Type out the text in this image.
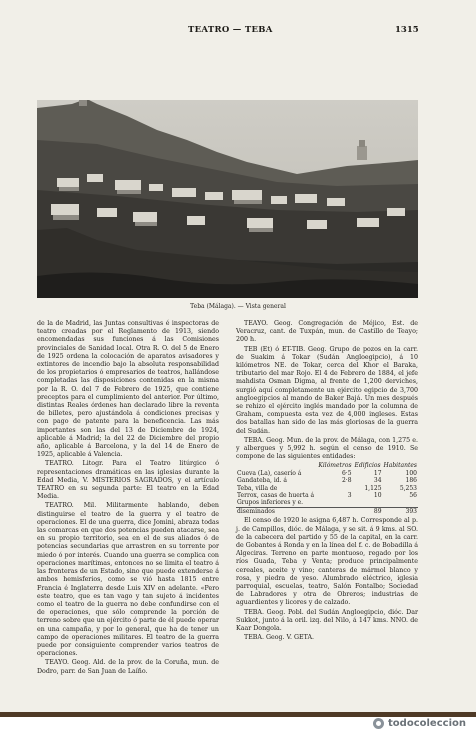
TEATRO — TEBA	1315
Teba (Málaga). — Vista general

de la de Madrid, las Juntas consultivas é inspectoras de teatro creadas por el Reglamento de 1913, siendo encomendadas sus funciones á las Comisiones provinciales de Sanidad local. Otra R. O. del 5 de Enero de 1925 ordena la colocación de aparatos avisadores y extintores de incendio bajo la absoluta responsabilidad de los propietarios ó empresarios de teatros, hallándose completadas las disposiciones contenidas en la misma por la R. O. del 7 de Febrero de 1925, que contiene preceptos para el cumplimiento del anterior. Por último, distintas Reales órdenes han declarado libre la reventa de billetes, pero ajustándola á condiciones precisas y con pago de patente para la beneficencia. Las más importantes son las del 13 de Diciembre de 1924, aplicable á Madrid; la del 22 de Diciembre del propio año, aplicable á Barcelona, y la del 14 de Enero de 1925, aplicable á Valencia.

TEATRO. Litogr. Para el Teatro litúrgico ó representaciones dramáticas en las iglesias durante la Edad Media, V. MISTERIOS SAGRADOS, y el artículo TEATRO en su segunda parte: El teatro en la Edad Media.

TEATRO. Mil. Militarmente hablando, deben distinguirse el teatro de la guerra y el teatro de operaciones. El de una guerra, dice Jomini, abraza todas las comarcas en que dos potencias pueden atacarse, sea en su propio territorio, sea en el de sus aliados ó de potencias secundarias que arrastren en su torrente por miedo ó por interés. Cuando una guerra se complica con operaciones marítimas, entonces no se limita el teatro á las fronteras de un Estado, sino que puede extenderse á ambos hemisferios, como se vió hasta 1815 entre Francia é Inglaterra desde Luis XIV en adelante. «Pero este teatro, que es tan vago y tan sujeto á incidentes como el teatro de la guerra no debe confundirse con el de operaciones, que sólo comprende la porción de terreno sobre que un ejército ó parte de él puede operar en una campaña, y por lo general, que ha de tener un campo de operaciones militares. El teatro de la guerra puede por consiguiente comprender varios teatros de operaciones.

TEAYO. Geog. Ald. de la prov. de la Coruña, mun. de Dodro, parr. de San Juan de Laíño.

TEAYO. Geog. Congregación de Méjico, Est. de Veracruz, cant. de Tuxpán, mun. de Castillo de Teayo; 200 h.

TEB (Et) ó ET-TIB. Geog. Grupo de pozos en la carr. de Suakim á Tokar (Sudán Angloegipcio), á 10 kilómetros NE. de Tokar, cerca del Khor el Baraka, tributario del mar Rojo. El 4 de Febrero de 1884, el jefe mahdista Osman Digma, al frente de 1,200 derviches, surgió aquí completamente un ejército egipcio de 3,700 angloegipcios al mando de Baker Bajá. Un mes después se rehizo el ejército inglés mandado por la columna de Graham, compuesta esta vez de 4,000 ingleses. Estas dos batallas han sido de las más gloriosas de la guerra del Sudán.

TEBA. Geog. Mun. de la prov. de Málaga, con 1,275 e. y albergues y 5,992 h. según el censo de 1910. Se compone de las siguientes entidades:

	Kilómetros	Edificios	Habitantes
Cueva (La), caserío á	6·5	17	100
Gandateba, id. á	2·8	34	186
Teba, villa de		1,125	5,253
Terrox, casas de huerta á	3	10	56
Grupos inferiores y e.			
diseminados		89	393

El censo de 1920 le asigna 6,487 h. Corresponde al p. j. de Campillos, dióc. de Málaga, y se sit. á 9 kms. al SO. de la cabecera del partido y 55 de la capital, en la carr. de Gobantes á Ronda y en la línea del f. c. de Bobadilla á Algeciras. Terreno en parte montuoso, regado por los ríos Guada, Teba y Venta; produce principalmente cereales, aceite y vino; canteras de mármol blanco y rosa, y piedra de yeso. Alumbrado eléctrico, iglesia parroquial, escuelas, teatro, Salón Fontalbo; Sociedad de Labradores y otra de Obreros; industrias de aguardientes y licores y de calzado.

TEBA. Geog. Pobl. del Sudán Angloegipcio, dióc. Dar Sukkot, junto á la oril. izq. del Nilo, á 147 kms. NNO. de Kaar Dongola.

TEBA. Geog. V. GETA.

todocoleccion
